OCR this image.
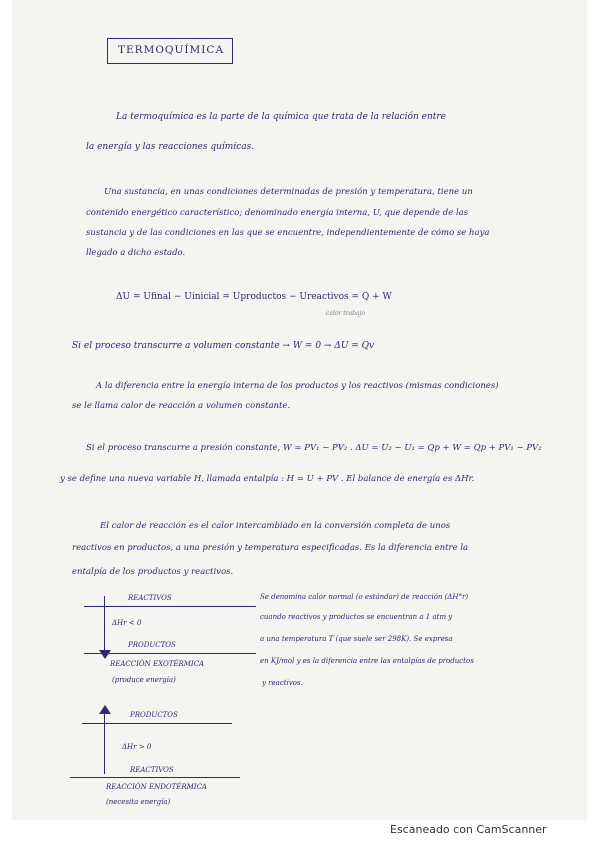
TERMOQUÍMICA
La termoquímica es la parte de la química que trata de la relación entre
la energía y las reacciones químicas.
Una sustancia, en unas condiciones determinadas de presión y temperatura, tiene un
contenido energético característico; denominado energía interna, U, que depende de las
sustancia y de las condiciones en las que se encuentre, independientemente de cómo se haya
llegado a dicho estado.
ΔU = Ufinal − Uinicial = Uproductos − Ureactivos = Q + W
calor trabajo
Si el proceso transcurre a volumen constante → W = 0 → ΔU = Qv
A la diferencia entre la energía interna de los productos y los reactivos (mismas condiciones)
se le llama calor de reacción a volumen constante.
Si el proceso transcurre a presión constante, W = PV₁ − PV₂ . ΔU = U₂ − U₁ = Qp + W = Qp + PV₁ − PV₂
y se define una nueva variable H, llamada entalpía : H = U + PV . El balance de energía es ΔHr.
El calor de reacción es el calor intercambiado en la conversión completa de unos
reactivos en productos, a una presión y temperatura especificadas. Es la diferencia entre la
entalpía de los productos y reactivos.
REACTIVOS
ΔHr < 0
PRODUCTOS
REACCIÓN EXOTÉRMICA
(produce energía)
Se denomina calor normal (o estándar) de reacción (ΔH°r)
cuando reactivos y productos se encuentran a 1 atm y
a una temperatura T (que suele ser 298K). Se expresa
en KJ/mol y es la diferencia entre las entalpías de productos
y reactivos.
PRODUCTOS
ΔHr > 0
REACTIVOS
REACCIÓN ENDOTÉRMICA
(necesita energía)
Escaneado con CamScanner
